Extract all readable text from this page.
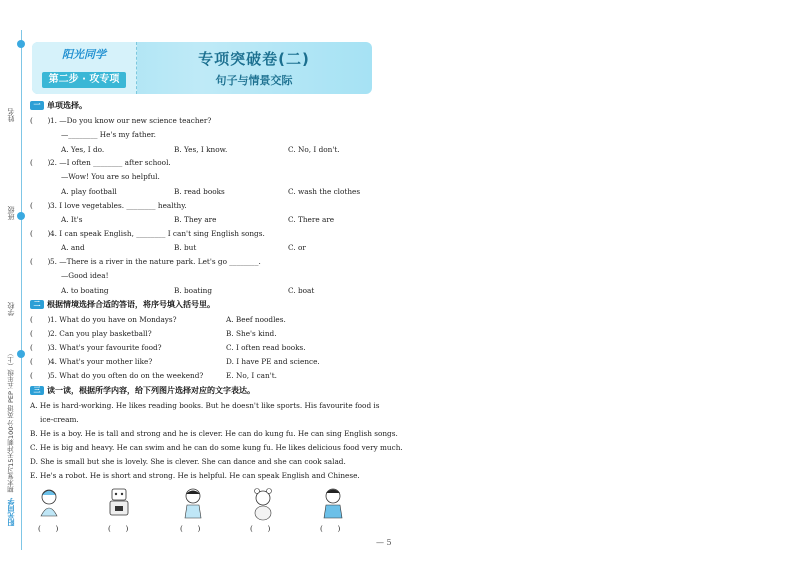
姓名
班级
学校
期末复习15天冲刺100分 英语 PEP 五年级（上）
阳光同学
阳光同学
第二步 · 攻专项
专项突破卷(二)
句子与情景交际
一 单项选择。
(　　) 1. —Do you know our new science teacher?
—________ He's my father.
A. Yes, I do.	B. Yes, I know.	C. No, I don't.
(　　) 2. —I often ________ after school.
—Wow! You are so helpful.
A. play football	B. read books	C. wash the clothes
(　　) 3. I love vegetables. ________ healthy.
A. It's	B. They are	C. There are
(　　) 4. I can speak English, ________ I can't sing English songs.
A. and	B. but	C. or
(　　) 5. —There is a river in the nature park. Let's go ________.
—Good idea!
A. to boating	B. boating	C. boat
二 根据情境选择合适的答语，将序号填入括号里。
(　　) 1. What do you have on Mondays?	A. Beef noodles.
(　　) 2. Can you play basketball?	B. She's kind.
(　　) 3. What's your favourite food?	C. I often read books.
(　　) 4. What's your mother like?	D. I have PE and science.
(　　) 5. What do you often do on the weekend?	E. No, I can't.
三 读一读，根据所学内容，给下列图片选择对应的文字表达。
A. He is hard-working. He likes reading books. But he doesn't like sports. His favourite food is
ice-cream.
B. He is a boy. He is tall and strong and he is clever. He can do kung fu. He can sing English songs.
C. He is big and heavy. He can swim and he can do some kung fu. He likes delicious food very much.
D. She is small but she is lovely. She is clever. She can dance and she can cook salad.
E. He's a robot. He is short and strong. He is helpful. He can speak English and Chinese.
(　　)	(　　)	(　　)	(　　)	(　　)
— 5
